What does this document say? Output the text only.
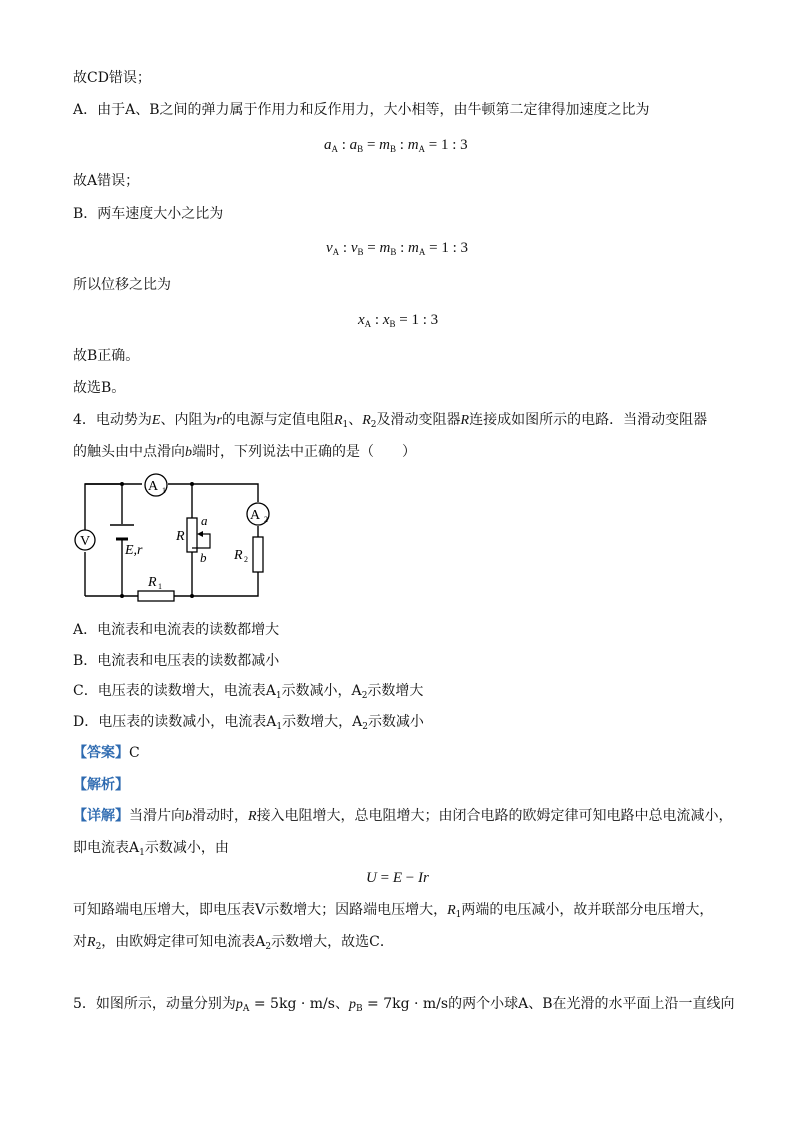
故CD错误；
A．由于A、B之间的弹力属于作用力和反作用力，大小相等，由牛顿第二定律得加速度之比为
$a_A$ : $a_B = m_B$ : $m_A = 1$ : 3
故A错误；
B．两车速度大小之比为
$v_A$ : $v_B = m_B$ : $m_A = 1$ : 3
所以位移之比为
$x_A$ : $x_B = 1$ : 3
故B正确。
故选B。
4．电动势为E、内阻为r的电源与定值电阻$R_1$、$R_2$及滑动变阻器R连接成如图所示的电路．当滑动变阻器
的触头由中点滑向b端时，下列说法中正确的是（　　）
V
A 1
A 2
E,r
R
a
b
R 1
R 2
A．电流表和电流表的读数都增大
B．电流表和电压表的读数都减小
C．电压表的读数增大，电流表$A_1$示数减小，$A_2$示数增大
D．电压表的读数减小，电流表$A_1$示数增大，$A_2$示数减小
【答案】C
【解析】
【详解】当滑片向b滑动时，R接入电阻增大，总电阻增大；由闭合电路的欧姆定律可知电路中总电流减小，
即电流表$A_1$示数减小，由
U = E − Ir
可知路端电压增大，即电压表V示数增大；因路端电压增大，$R_1$两端的电压减小，故并联部分电压增大，
对$R_2$，由欧姆定律可知电流表$A_2$示数增大，故选C．
5．如图所示，动量分别为$p_A = 5kg \cdot m/s$、$p_B = 7kg \cdot m/s$的两个小球A、B在光滑的水平面上沿一直线向
